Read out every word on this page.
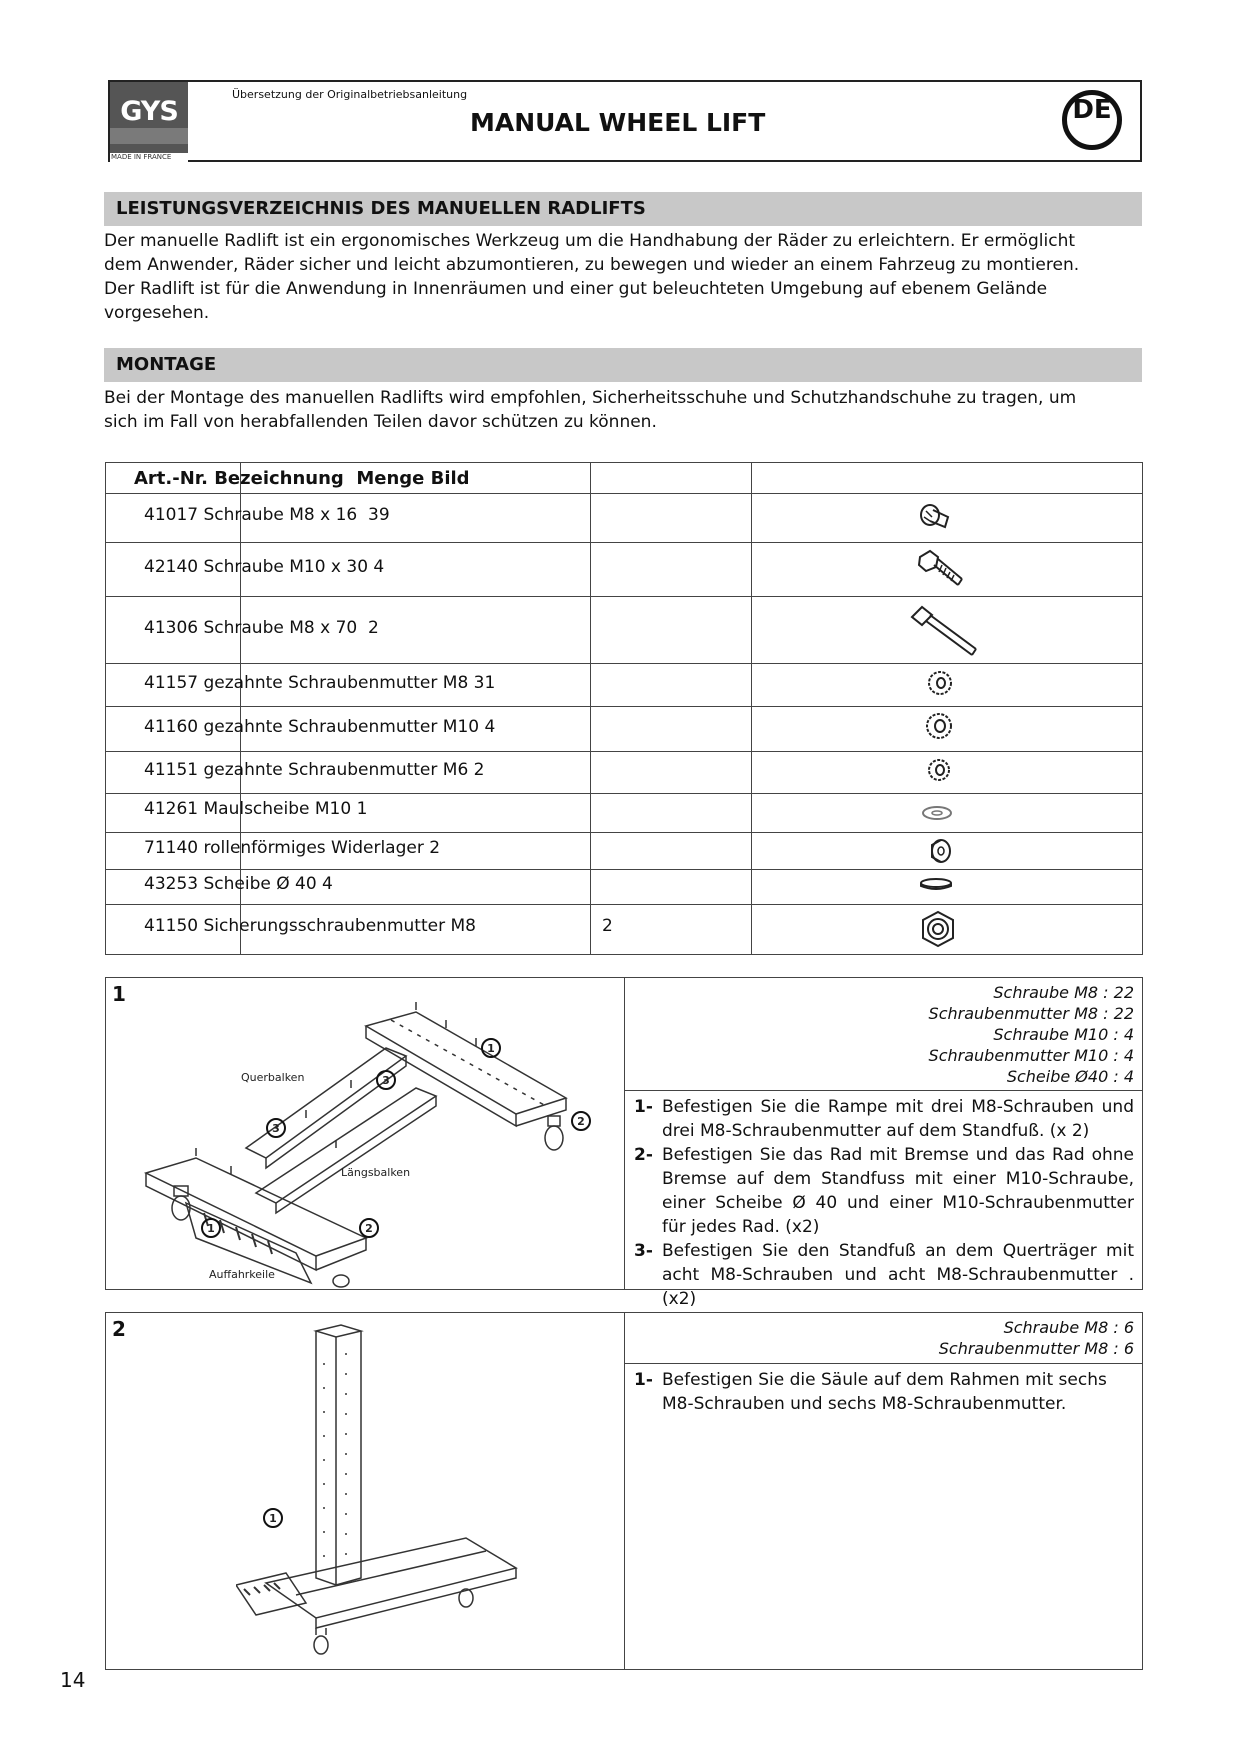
GYS
MADE IN FRANCE
Übersetzung der Originalbetriebsanleitung
MANUAL WHEEL LIFT	DE
LEISTUNGSVERZEICHNIS DES MANUELLEN RADLIFTS
Der manuelle Radlift ist ein ergonomisches Werkzeug um die Handhabung der Räder zu erleichtern. Er ermöglicht
dem Anwender, Räder sicher und leicht abzumontieren, zu bewegen und wieder an einem Fahrzeug zu montieren.
Der Radlift ist für die Anwendung in Innenräumen und einer gut beleuchteten Umgebung auf ebenem Gelände
vorgesehen.
MONTAGE
Bei der Montage des manuellen Radlifts wird empfohlen, Sicherheitsschuhe und Schutzhandschuhe zu tragen, um
sich im Fall von herabfallenden Teilen davor schützen zu können.
Art.-Nr. Bezeichnung  Menge Bild
41017 Schraube M8 x 16  39
42140 Schraube M10 x 30 4
41306 Schraube M8 x 70  2
41157 gezahnte Schraubenmutter M8 31
41160 gezahnte Schraubenmutter M10 4
41151 gezahnte Schraubenmutter M6 2
41261 Maulscheibe M10 1
71140 rollenförmiges Widerlager 2
43253 Scheibe Ø 40 4
41150 Sicherungsschraubenmutter M8	2
1
1
2
3
3
1	2
Querbalken
Längsbalken
Auffahrkeile
Schraube M8 : 22
Schraubenmutter M8 : 22
Schraube M10 : 4
Schraubenmutter M10 : 4
Scheibe Ø40 : 4
1- Befestigen Sie die Rampe mit drei M8-Schrauben und drei M8-Schraubenmutter auf dem Standfuß. (x 2)
2- Befestigen Sie das Rad mit Bremse und das Rad ohne Bremse auf dem Standfuss mit einer M10-Schraube, einer Scheibe Ø 40 und einer M10-Schraubenmutter für jedes Rad. (x2)
3- Befestigen Sie den Standfuß an dem Querträger mit acht M8-Schrauben und acht M8-Schraubenmutter . (x2)
2
1
Schraube M8 : 6
Schraubenmutter M8 : 6
1- Befestigen Sie die Säule auf dem Rahmen mit sechs M8-Schrauben und sechs M8-Schraubenmutter.
14
